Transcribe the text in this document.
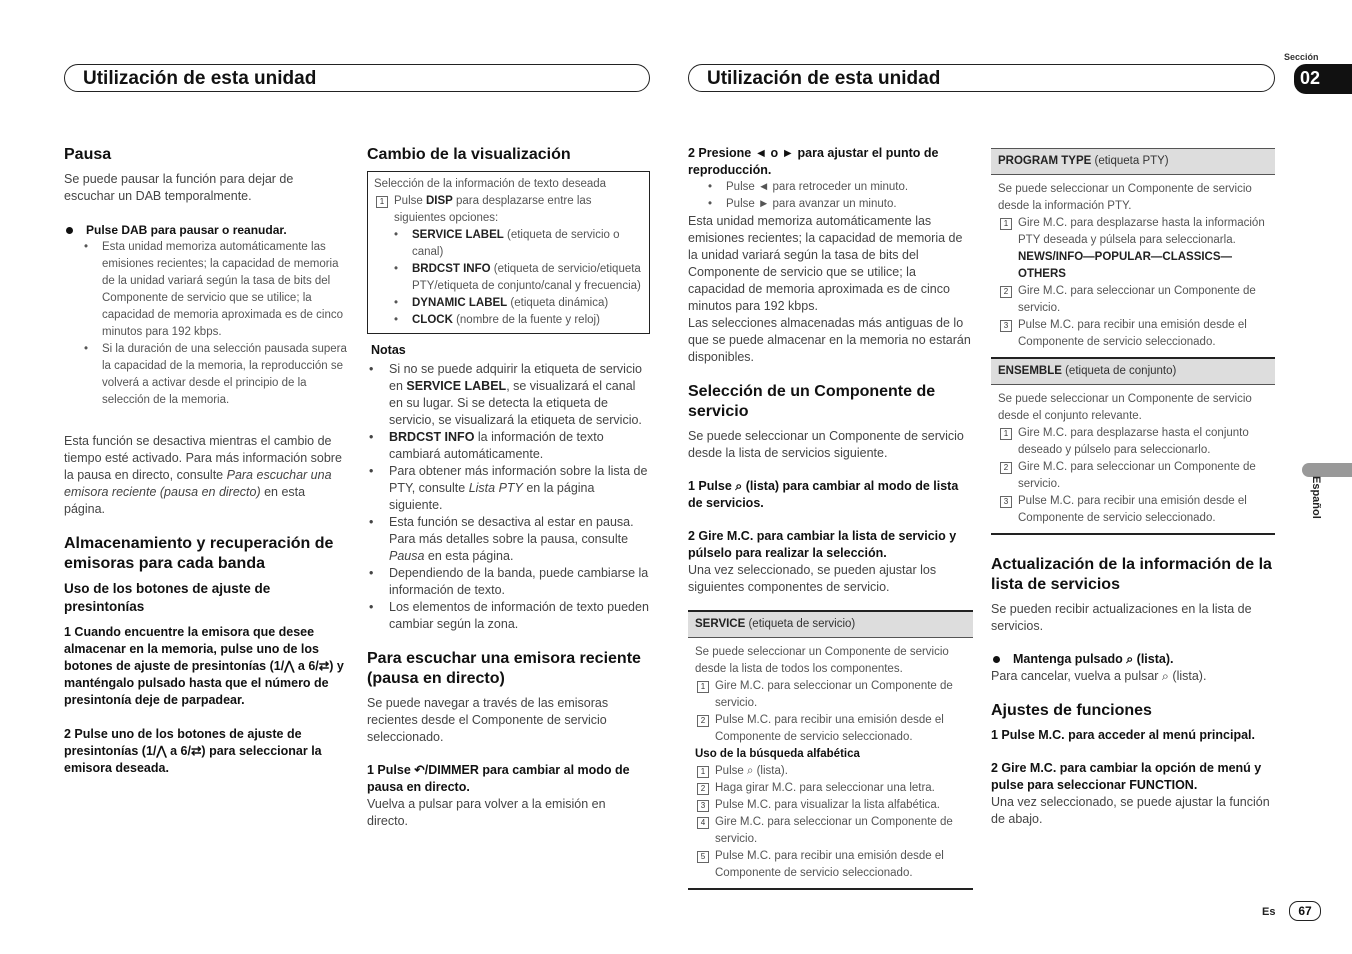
Utilización de esta unidad	Utilización de esta unidad
Sección
02
Español
Pausa

Se puede pausar la función para dejar de escuchar un DAB temporalmente.

Pulse DAB para pausar o reanudar.
• Esta unidad memoriza automáticamente las emisiones recientes; la capacidad de memoria de la unidad variará según la tasa de bits del Componente de servicio que se utilice; la capacidad de memoria aproximada es de cinco minutos para 192 kbps.
• Si la duración de una selección pausada supera la capacidad de la memoria, la reproducción se volverá a activar desde el principio de la selección de la memoria.

Esta función se desactiva mientras el cambio de tiempo esté activado. Para más información sobre la pausa en directo, consulte Para escuchar una emisora reciente (pausa en directo) en esta página.

Almacenamiento y recuperación de emisoras para cada banda
Uso de los botones de ajuste de presintonías

1 Cuando encuentre la emisora que desee almacenar en la memoria, pulse uno de los botones de ajuste de presintonías (1/⋀ a 6/⇄) y manténgalo pulsado hasta que el número de presintonía deje de parpadear.

2 Pulse uno de los botones de ajuste de presintonías (1/⋀ a 6/⇄) para seleccionar la emisora deseada.

Cambio de la visualización

Selección de la información de texto deseada

1 Pulse DISP para desplazarse entre las siguientes opciones:
• SERVICE LABEL (etiqueta de servicio o canal)
• BRDCST INFO (etiqueta de servicio/etiqueta PTY/etiqueta de conjunto/canal y frecuencia)
• DYNAMIC LABEL (etiqueta dinámica)
• CLOCK (nombre de la fuente y reloj)

Notas

• Si no se puede adquirir la etiqueta de servicio en SERVICE LABEL, se visualizará el canal en su lugar. Si se detecta la etiqueta de servicio, se visualizará la etiqueta de servicio.
• BRDCST INFO la información de texto cambiará automáticamente.
• Para obtener más información sobre la lista de PTY, consulte Lista PTY en la página siguiente.
• Esta función se desactiva al estar en pausa. Para más detalles sobre la pausa, consulte Pausa en esta página.
• Dependiendo de la banda, puede cambiarse la información de texto.
• Los elementos de información de texto pueden cambiar según la zona.
Para escuchar una emisora reciente (pausa en directo)

Se puede navegar a través de las emisoras recientes desde el Componente de servicio seleccionado.

1 Pulse ↶/DIMMER para cambiar al modo de pausa en directo.

Vuelva a pulsar para volver a la emisión en directo.

2 Presione ◄ o ► para ajustar el punto de reproducción.

• Pulse ◄ para retroceder un minuto.
• Pulse ► para avanzar un minuto.

Esta unidad memoriza automáticamente las emisiones recientes; la capacidad de memoria de la unidad variará según la tasa de bits del Componente de servicio que se utilice; la capacidad de memoria aproximada es de cinco minutos para 192 kbps.

Las selecciones almacenadas más antiguas de lo que se puede almacenar en la memoria no estarán disponibles.

Selección de un Componente de servicio

Se puede seleccionar un Componente de servicio desde la lista de servicios siguiente.

1 Pulse ⌕ (lista) para cambiar al modo de lista de servicios.

2 Gire M.C. para cambiar la lista de servicio y púlselo para realizar la selección.

Una vez seleccionado, se pueden ajustar los siguientes componentes de servicio.

SERVICE (etiqueta de servicio)

Se puede seleccionar un Componente de servicio desde la lista de todos los componentes.

1 Gire M.C. para seleccionar un Componente de servicio.
2 Pulse M.C. para recibir una emisión desde el Componente de servicio seleccionado.

Uso de la búsqueda alfabética

1 Pulse ⌕ (lista).
2 Haga girar M.C. para seleccionar una letra.
3 Pulse M.C. para visualizar la lista alfabética.
4 Gire M.C. para seleccionar un Componente de servicio.
5 Pulse M.C. para recibir una emisión desde el Componente de servicio seleccionado.
PROGRAM TYPE (etiqueta PTY)

Se puede seleccionar un Componente de servicio desde la información PTY.

1 Gire M.C. para desplazarse hasta la información PTY deseada y púlsela para seleccionarla.
NEWS/INFO—POPULAR—CLASSICS—OTHERS
2 Gire M.C. para seleccionar un Componente de servicio.
3 Pulse M.C. para recibir una emisión desde el Componente de servicio seleccionado.
ENSEMBLE (etiqueta de conjunto)

Se puede seleccionar un Componente de servicio desde el conjunto relevante.

1 Gire M.C. para desplazarse hasta el conjunto deseado y púlselo para seleccionarlo.
2 Gire M.C. para seleccionar un Componente de servicio.
3 Pulse M.C. para recibir una emisión desde el Componente de servicio seleccionado.
Actualización de la información de la lista de servicios

Se pueden recibir actualizaciones en la lista de servicios.

Mantenga pulsado ⌕ (lista).

Para cancelar, vuelva a pulsar ⌕ (lista).

Ajustes de funciones

1 Pulse M.C. para acceder al menú principal.

2 Gire M.C. para cambiar la opción de menú y pulse para seleccionar FUNCTION.

Una vez seleccionado, se puede ajustar la función de abajo.

Es	67
